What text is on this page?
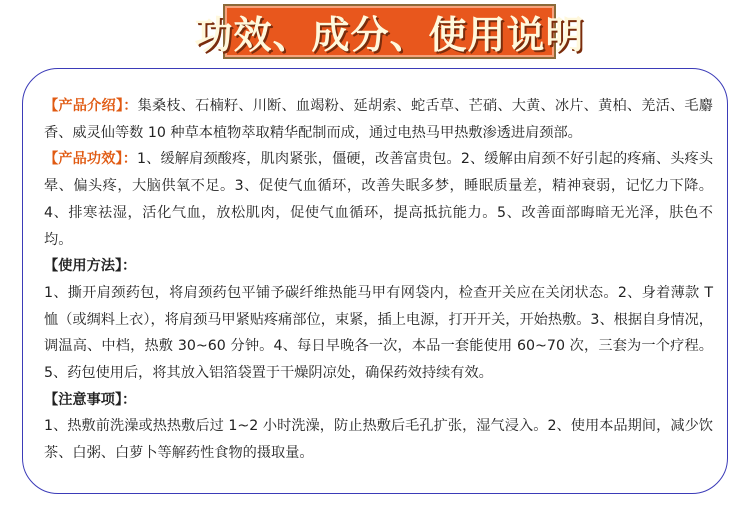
功效、成分、使用说明

【产品介绍】：集桑枝、石楠籽、川断、血竭粉、延胡索、蛇舌草、芒硝、大黄、冰片、黄柏、羌活、毛麝香、威灵仙等数 10 种草本植物萃取精华配制而成，通过电热马甲热敷渗透进肩颈部。

【产品功效】：1、缓解肩颈酸疼，肌肉紧张，僵硬，改善富贵包。2、缓解由肩颈不好引起的疼痛、头疼头晕、偏头疼，大脑供氧不足。3、促使气血循环，改善失眠多梦，睡眠质量差，精神衰弱，记忆力下降。4、排寒祛湿，活化气血，放松肌肉，促使气血循环，提高抵抗能力。5、改善面部晦暗无光泽，肤色不均。

【使用方法】：

1、撕开肩颈药包，将肩颈药包平铺予碳纤维热能马甲有网袋内，检查开关应在关闭状态。2、身着薄款 T 恤（或绸料上衣），将肩颈马甲紧贴疼痛部位，束紧，插上电源，打开开关，开始热敷。3、根据自身情况，调温高、中档，热敷 30~60 分钟。4、每日早晚各一次，本品一套能使用 60~70 次，三套为一个疗程。5、药包使用后，将其放入铝箔袋置于干燥阴凉处，确保药效持续有效。

【注意事项】：

1、热敷前洗澡或热热敷后过 1~2 小时洗澡，防止热敷后毛孔扩张，湿气浸入。2、使用本品期间，减少饮茶、白粥、白萝卜等解药性食物的摄取量。
